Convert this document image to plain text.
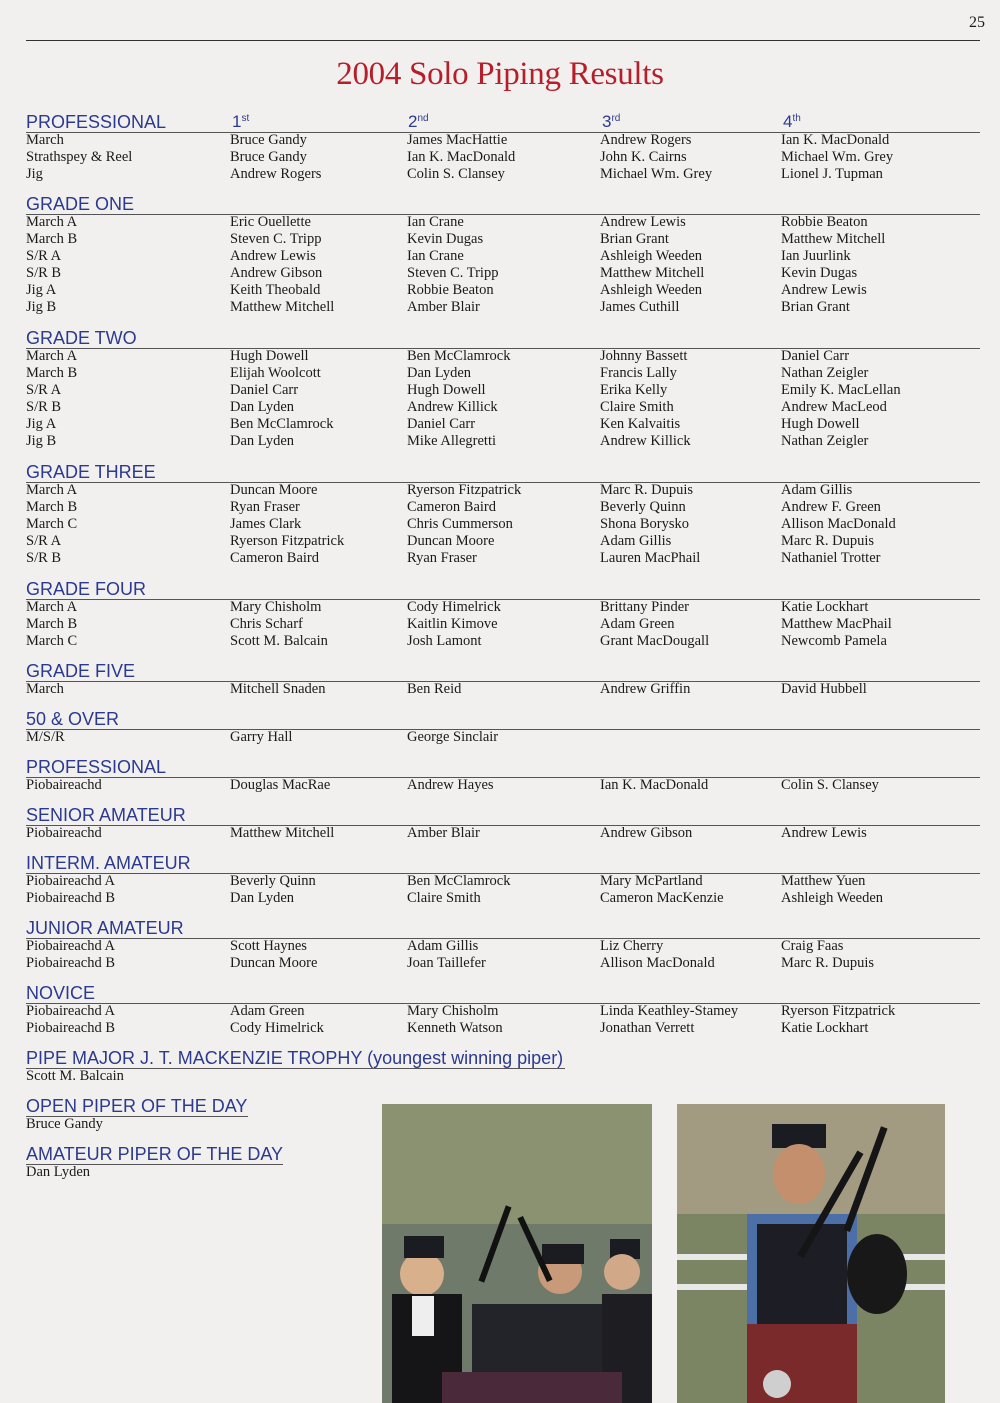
25
2004 Solo Piping Results
PROFESSIONAL	1st	2nd	3rd	4th
March	Bruce Gandy	James MacHattie	Andrew Rogers	Ian K. MacDonald
Strathspey & Reel	Bruce Gandy	Ian K. MacDonald	John K. Cairns	Michael Wm. Grey
Jig	Andrew Rogers	Colin S. Clansey	Michael Wm. Grey	Lionel J. Tupman
GRADE ONE
March A	Eric Ouellette	Ian Crane	Andrew Lewis	Robbie Beaton
March B	Steven C. Tripp	Kevin Dugas	Brian Grant	Matthew Mitchell
S/R A	Andrew Lewis	Ian Crane	Ashleigh Weeden	Ian Juurlink
S/R B	Andrew Gibson	Steven C. Tripp	Matthew Mitchell	Kevin Dugas
Jig A	Keith Theobald	Robbie Beaton	Ashleigh Weeden	Andrew Lewis
Jig B	Matthew Mitchell	Amber Blair	James Cuthill	Brian Grant
GRADE TWO
March A	Hugh Dowell	Ben McClamrock	Johnny Bassett	Daniel Carr
March B	Elijah Woolcott	Dan Lyden	Francis Lally	Nathan Zeigler
S/R A	Daniel Carr	Hugh Dowell	Erika Kelly	Emily K. MacLellan
S/R B	Dan Lyden	Andrew Killick	Claire Smith	Andrew MacLeod
Jig A	Ben McClamrock	Daniel Carr	Ken Kalvaitis	Hugh Dowell
Jig B	Dan Lyden	Mike Allegretti	Andrew Killick	Nathan Zeigler
GRADE THREE
March A	Duncan Moore	Ryerson Fitzpatrick	Marc R. Dupuis	Adam Gillis
March B	Ryan Fraser	Cameron Baird	Beverly Quinn	Andrew F. Green
March C	James Clark	Chris Cummerson	Shona Borysko	Allison MacDonald
S/R A	Ryerson Fitzpatrick	Duncan Moore	Adam Gillis	Marc R. Dupuis
S/R B	Cameron Baird	Ryan Fraser	Lauren MacPhail	Nathaniel Trotter
GRADE FOUR
March A	Mary Chisholm	Cody Himelrick	Brittany Pinder	Katie Lockhart
March B	Chris Scharf	Kaitlin Kimove	Adam Green	Matthew MacPhail
March C	Scott M. Balcain	Josh Lamont	Grant MacDougall	Newcomb Pamela
GRADE FIVE
March	Mitchell Snaden	Ben Reid	Andrew Griffin	David Hubbell
50 & OVER
M/S/R	Garry Hall	George Sinclair
PROFESSIONAL
Piobaireachd	Douglas MacRae	Andrew Hayes	Ian K. MacDonald	Colin S. Clansey
SENIOR AMATEUR
Piobaireachd	Matthew Mitchell	Amber Blair	Andrew Gibson	Andrew Lewis
INTERM. AMATEUR
Piobaireachd A	Beverly Quinn	Ben McClamrock	Mary McPartland	Matthew Yuen
Piobaireachd B	Dan Lyden	Claire Smith	Cameron MacKenzie	Ashleigh Weeden
JUNIOR AMATEUR
Piobaireachd A	Scott Haynes	Adam Gillis	Liz Cherry	Craig Faas
Piobaireachd B	Duncan Moore	Joan Taillefer	Allison MacDonald	Marc R. Dupuis
NOVICE
Piobaireachd A	Adam Green	Mary Chisholm	Linda Keathley-Stamey	Ryerson Fitzpatrick
Piobaireachd B	Cody Himelrick	Kenneth Watson	Jonathan Verrett	Katie Lockhart
PIPE MAJOR J. T. MACKENZIE TROPHY (youngest winning piper)
Scott M. Balcain
OPEN PIPER OF THE DAY
Bruce Gandy
AMATEUR PIPER OF THE DAY
Dan Lyden
